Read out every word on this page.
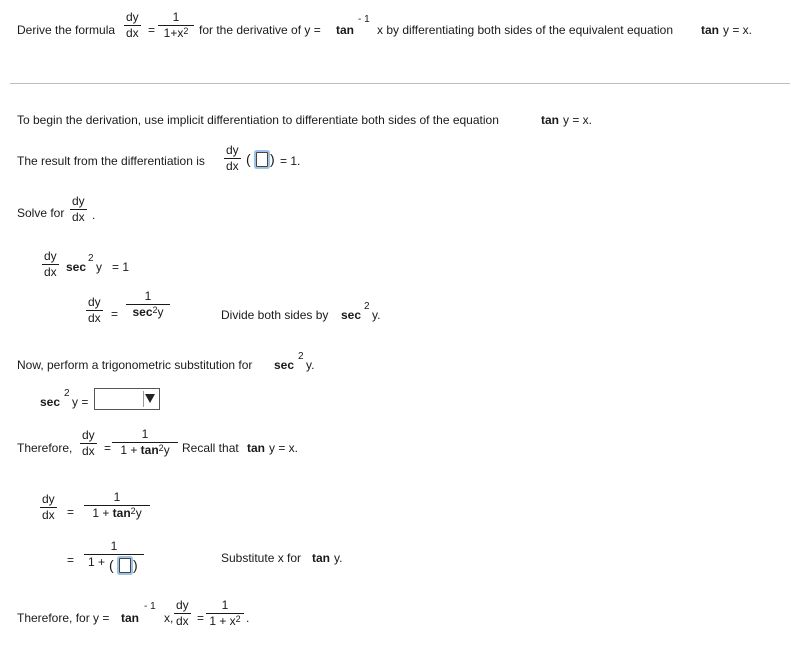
Derive the formula
dy
dx =
1
$1+x^2$ for the derivative of y = tan
- 1
x by differentiating both sides of the equivalent equation tan y = x.
To begin the derivation, use implicit differentiation to differentiate both sides of the equation	tan y = x.
The result from the differentiation is
dy
dx ( ) = 1.
Solve for
dy
dx .
dy
dx sec
2
y = 1
dy
dx =
1
$\sec^2y$	Divide both sides by sec
2
y.
Now, perform a trigonometric substitution for sec
2
y.
sec
2
y =
Therefore,
dy
dx =
1
$1 + \tan^2y$	Recall that tan y = x.
dy
dx =
1
$1 + \tan^2y$
=
1
1 + ( )	Substitute x for tan y.
Therefore, for y = tan
- 1
x,
dy
dx =
1
$1 + x^2$ .
